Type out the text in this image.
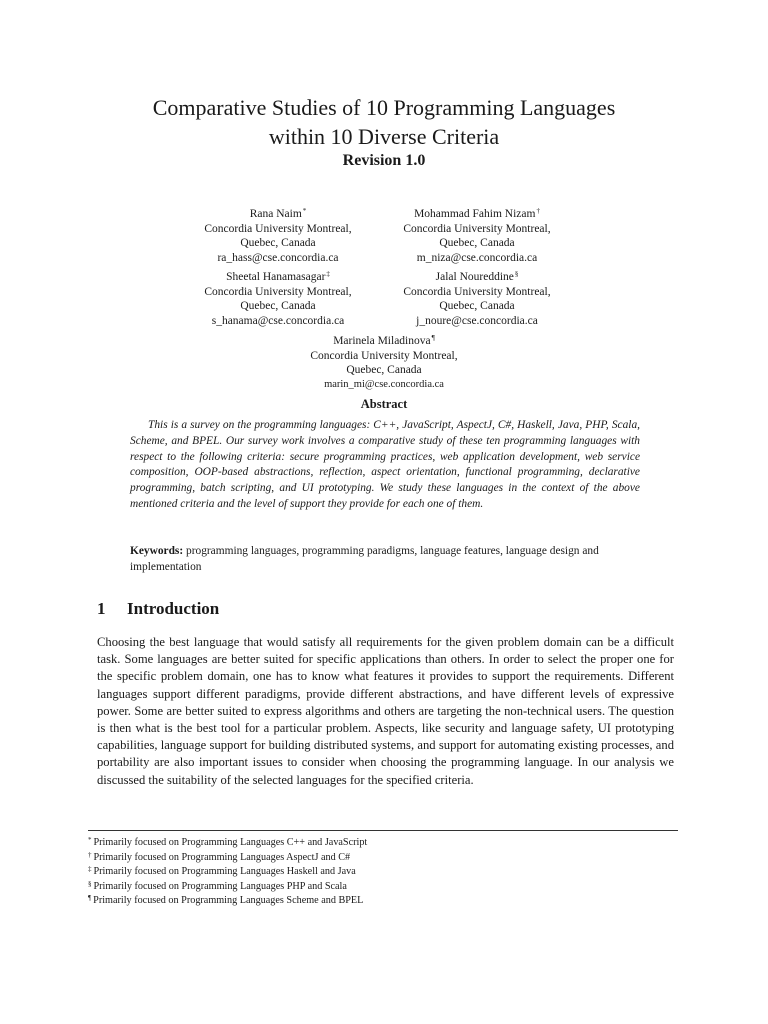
Comparative Studies of 10 Programming Languages
within 10 Diverse Criteria
Revision 1.0
Rana Naim*
Concordia University Montreal,
Quebec, Canada
ra_hass@cse.concordia.ca
Mohammad Fahim Nizam†
Concordia University Montreal,
Quebec, Canada
m_niza@cse.concordia.ca
Sheetal Hanamasagar‡
Concordia University Montreal,
Quebec, Canada
s_hanama@cse.concordia.ca
Jalal Noureddine§
Concordia University Montreal,
Quebec, Canada
j_noure@cse.concordia.ca
Marinela Miladinova¶
Concordia University Montreal,
Quebec, Canada
marin_mi@cse.concordia.ca
Abstract

This is a survey on the programming languages: C++, JavaScript, AspectJ, C#, Haskell, Java, PHP, Scala, Scheme, and BPEL. Our survey work involves a comparative study of these ten programming languages with respect to the following criteria: secure programming practices, web application development, web service composition, OOP-based abstractions, reflection, aspect orientation, functional programming, declarative programming, batch scripting, and UI prototyping. We study these languages in the context of the above mentioned criteria and the level of support they provide for each one of them.

Keywords: programming languages, programming paradigms, language features, language design and implementation

1 Introduction

Choosing the best language that would satisfy all requirements for the given problem domain can be a difficult task. Some languages are better suited for specific applications than others. In order to select the proper one for the specific problem domain, one has to know what features it provides to support the requirements. Different languages support different paradigms, provide different abstractions, and have different levels of expressive power. Some are better suited to express algorithms and others are targeting the non-technical users. The question is then what is the best tool for a particular problem. Aspects, like security and language safety, UI prototyping capabilities, language support for building distributed systems, and support for automating existing processes, and portability are also important issues to consider when choosing the programming language. In our analysis we discussed the suitability of the selected languages for the specified criteria.

* Primarily focused on Programming Languages C++ and JavaScript
† Primarily focused on Programming Languages AspectJ and C#
‡ Primarily focused on Programming Languages Haskell and Java
§ Primarily focused on Programming Languages PHP and Scala
¶ Primarily focused on Programming Languages Scheme and BPEL
